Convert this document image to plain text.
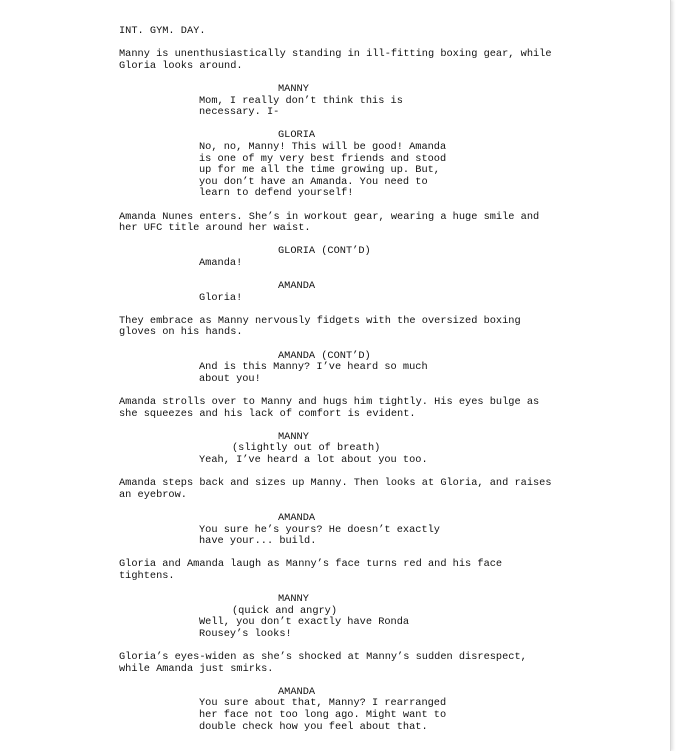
INT. GYM. DAY.
Manny is unenthusiastically standing in ill-fitting boxing gear, while
Gloria looks around.
MANNY
Mom, I really don’t think this is
necessary. I-
GLORIA
No, no, Manny! This will be good! Amanda
is one of my very best friends and stood
up for me all the time growing up. But,
you don’t have an Amanda. You need to
learn to defend yourself!
Amanda Nunes enters. She’s in workout gear, wearing a huge smile and
her UFC title around her waist.
GLORIA (CONT’D)
Amanda!
AMANDA
Gloria!
They embrace as Manny nervously fidgets with the oversized boxing
gloves on his hands.
AMANDA (CONT’D)
And is this Manny? I’ve heard so much
about you!
Amanda strolls over to Manny and hugs him tightly. His eyes bulge as
she squeezes and his lack of comfort is evident.
MANNY
(slightly out of breath)
Yeah, I’ve heard a lot about you too.
Amanda steps back and sizes up Manny. Then looks at Gloria, and raises
an eyebrow.
AMANDA
You sure he’s yours? He doesn’t exactly
have your... build.
Gloria and Amanda laugh as Manny’s face turns red and his face
tightens.
MANNY
(quick and angry)
Well, you don’t exactly have Ronda
Rousey’s looks!
Gloria’s eyes-widen as she’s shocked at Manny’s sudden disrespect,
while Amanda just smirks.
AMANDA
You sure about that, Manny? I rearranged
her face not too long ago. Might want to
double check how you feel about that.
